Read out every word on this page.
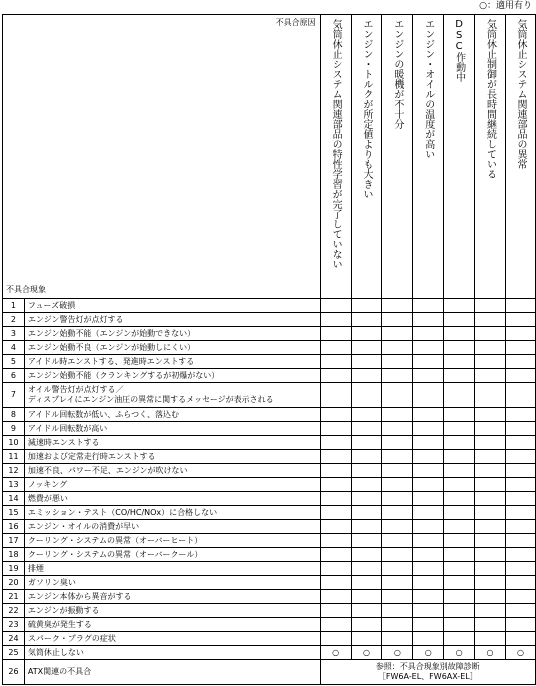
○：適用有り
不具合原因
不具合現象		気筒休止システム関連部品の特性学習が完了していない	エンジン・トルクが所定値よりも大きい	エンジンの暖機が不十分	エンジン・オイルの温度が高い	DSC作動中	気筒休止制御が長時間継続している	気筒休止システム関連部品の異常

1	フューズ破損							
2	エンジン警告灯が点灯する							
3	エンジン始動不能（エンジンが始動できない）							
4	エンジン始動不良（エンジンが始動しにくい）							
5	アイドル時エンストする、発進時エンストする							
6	エンジン始動不能（クランキングするが初爆がない）							
7	オイル警告灯が点灯する／
ディスプレイにエンジン油圧の異常に関するメッセージが表示される							

8	アイドル回転数が低い、ふらつく、落込む							
9	アイドル回転数が高い							
10	減速時エンストする							
11	加速および定常走行時エンストする							
12	加速不良、パワー不足、エンジンが吹けない							
13	ノッキング							
14	燃費が悪い							
15	エミッション・テスト（CO/HC/NOx）に合格しない							
16	エンジン・オイルの消費が早い							
17	クーリング・システムの異常（オーバーヒート）							
18	クーリング・システムの異常（オーバークール）							
19	排煙							
20	ガソリン臭い							
21	エンジン本体から異音がする							
22	エンジンが振動する							
23	硫黄臭が発生する							
24	スパーク・プラグの症状							
25	気筒休止しない	○	○	○	○	○	○	○
26	ATX関連の不具合	参照：不具合現象別故障診断
［FW6A-EL、FW6AX-EL］						
